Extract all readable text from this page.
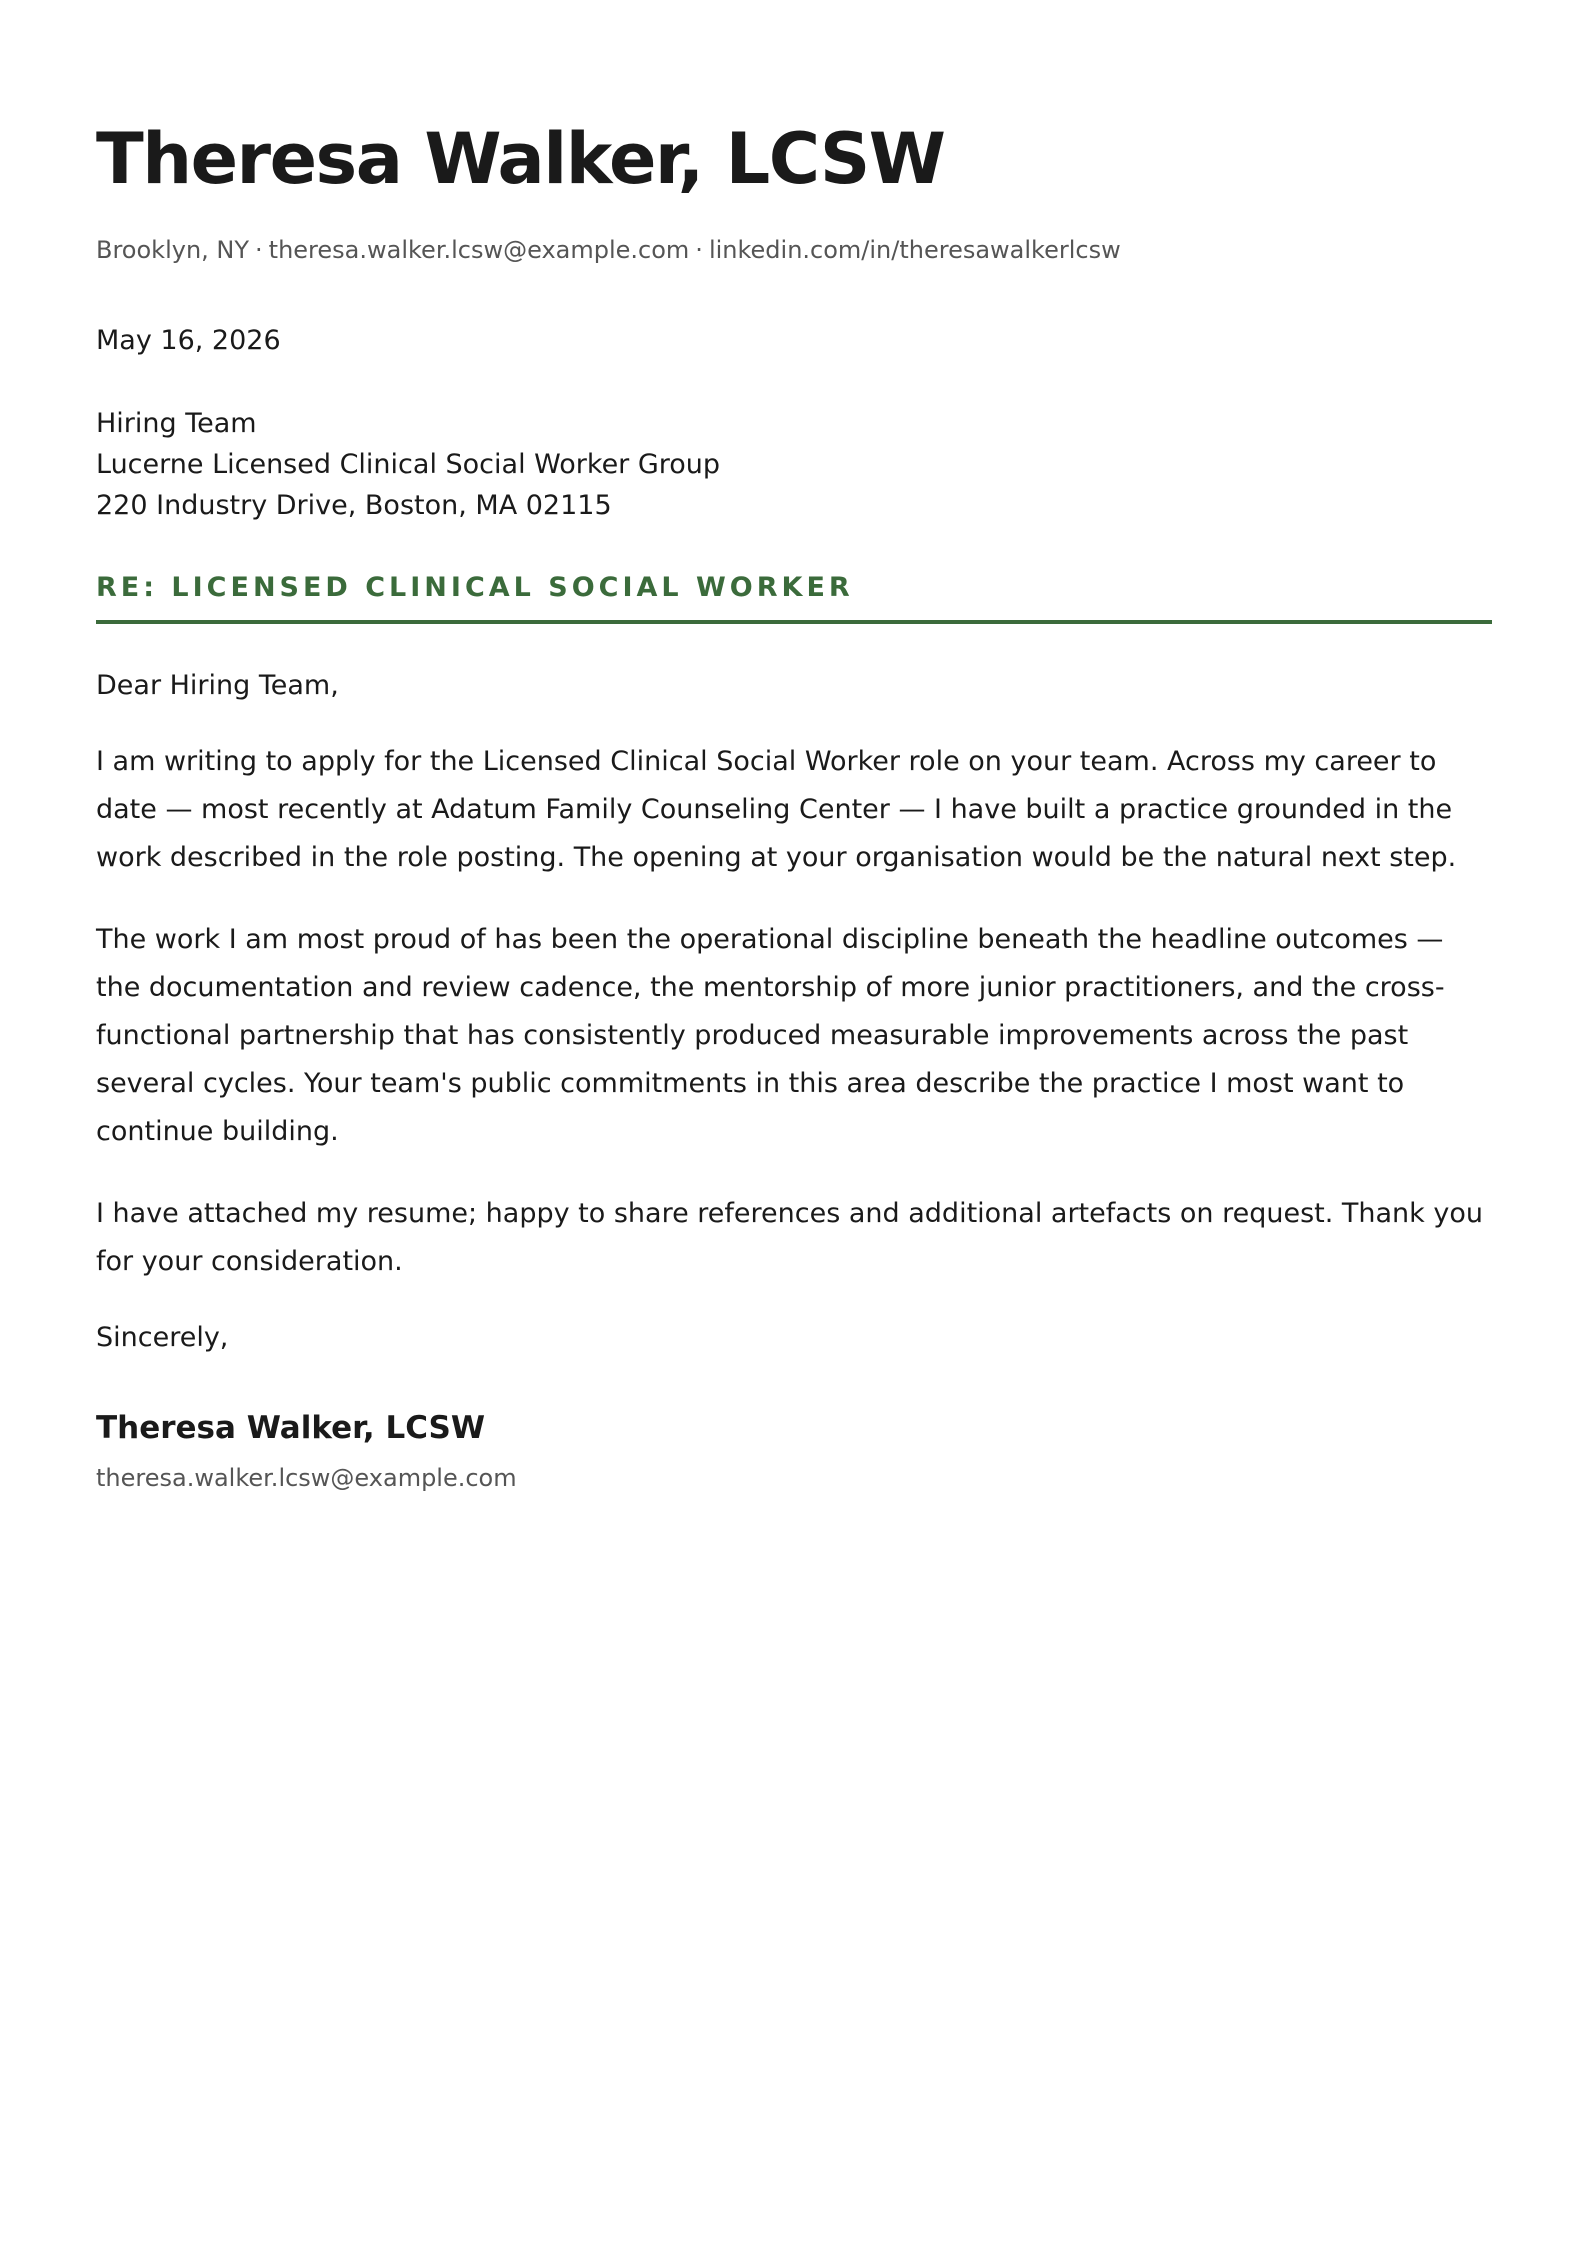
Theresa Walker, LCSW
Brooklyn, NY · theresa.walker.lcsw@example.com · linkedin.com/in/theresawalkerlcsw
May 16, 2026
Hiring Team
Lucerne Licensed Clinical Social Worker Group
220 Industry Drive, Boston, MA 02115
RE: LICENSED CLINICAL SOCIAL WORKER
Dear Hiring Team,
I am writing to apply for the Licensed Clinical Social Worker role on your team. Across my career to date — most recently at Adatum Family Counseling Center — I have built a practice grounded in the work described in the role posting. The opening at your organisation would be the natural next step.
The work I am most proud of has been the operational discipline beneath the headline outcomes — the documentation and review cadence, the mentorship of more junior practitioners, and the cross-functional partnership that has consistently produced measurable improvements across the past several cycles. Your team's public commitments in this area describe the practice I most want to continue building.
I have attached my resume; happy to share references and additional artefacts on request. Thank you for your consideration.
Sincerely,
Theresa Walker, LCSW
theresa.walker.lcsw@example.com
